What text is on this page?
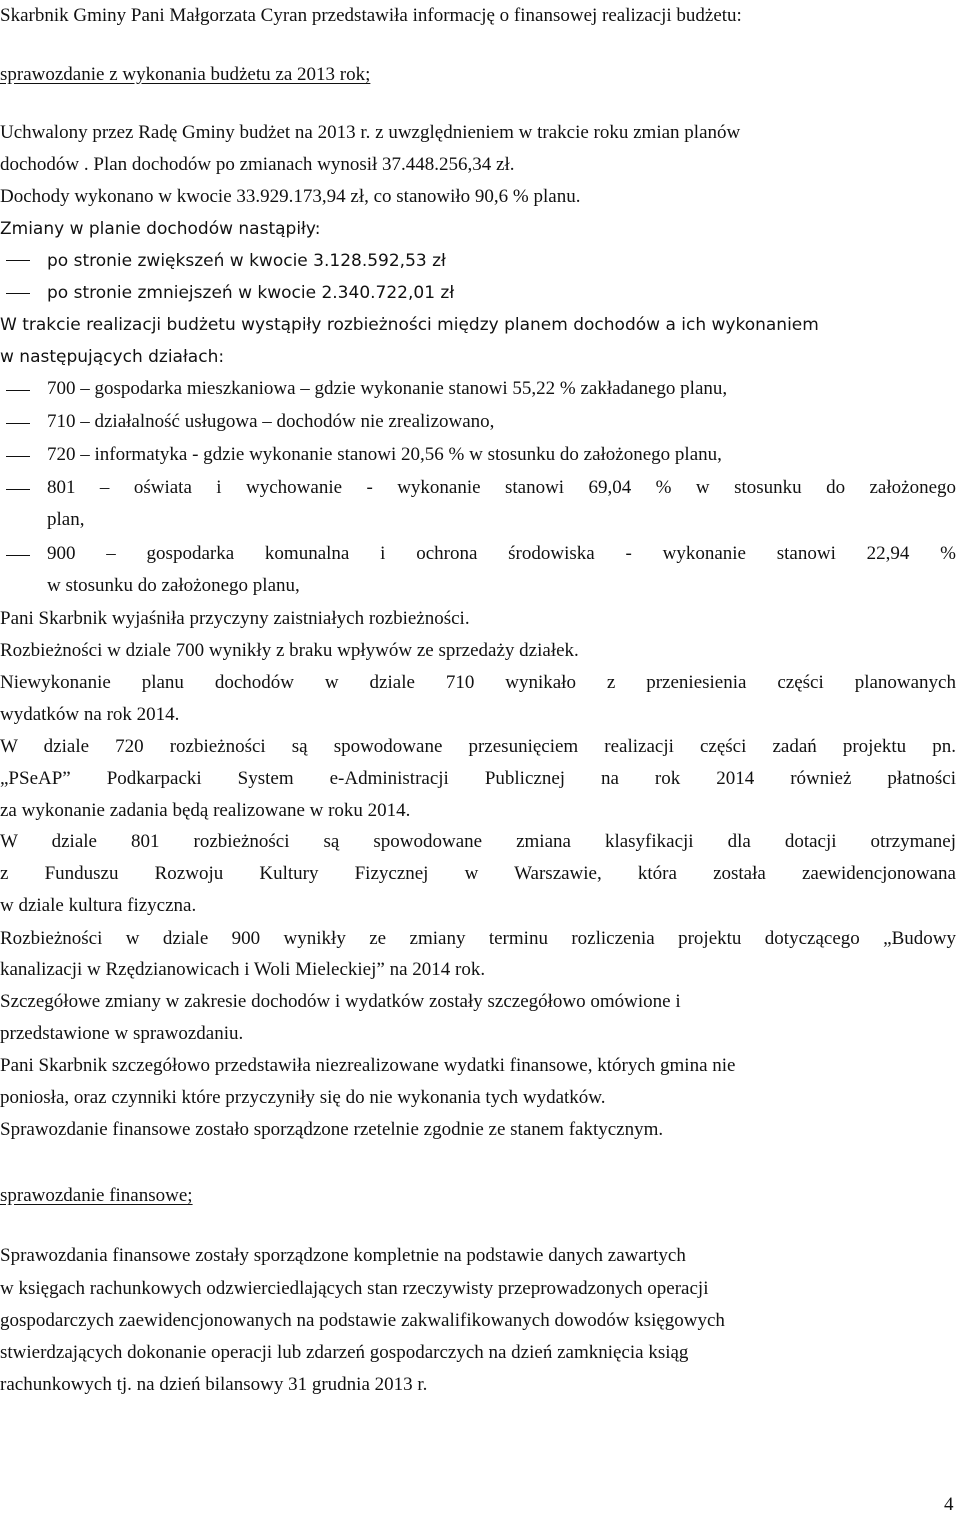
Skarbnik Gminy Pani Małgorzata Cyran przedstawiła informację o finansowej realizacji budżetu:
sprawozdanie z wykonania budżetu za 2013 rok;
Uchwalony przez Radę Gminy budżet na 2013 r. z uwzględnieniem w trakcie roku zmian planów
dochodów . Plan dochodów po zmianach wynosił 37.448.256,34 zł.
Dochody wykonano w kwocie 33.929.173,94 zł, co stanowiło 90,6 % planu.
Zmiany w planie dochodów nastąpiły:
po stronie zwiększeń w kwocie 3.128.592,53 zł
po stronie zmniejszeń w kwocie 2.340.722,01 zł
W trakcie realizacji budżetu wystąpiły rozbieżności między planem dochodów a ich wykonaniem
w następujących działach:
700 – gospodarka mieszkaniowa – gdzie wykonanie stanowi 55,22 % zakładanego planu,
710 – działalność usługowa – dochodów nie zrealizowano,
720 – informatyka - gdzie wykonanie stanowi 20,56 % w stosunku do założonego planu,
801 – oświata i wychowanie - wykonanie stanowi 69,04 % w stosunku do założonego
plan,
900 – gospodarka komunalna i ochrona środowiska - wykonanie stanowi 22,94 %
w stosunku do założonego planu,
Pani Skarbnik wyjaśniła przyczyny zaistniałych rozbieżności.
Rozbieżności w dziale 700 wynikły z braku wpływów ze sprzedaży działek.
Niewykonanie planu dochodów w dziale 710 wynikało z przeniesienia części planowanych
wydatków na rok 2014.
W dziale 720 rozbieżności są spowodowane przesunięciem realizacji części zadań projektu pn.
„PSeAP” Podkarpacki System e-Administracji Publicznej na rok 2014 również płatności
za wykonanie zadania będą realizowane w roku 2014.
W dziale 801 rozbieżności są spowodowane zmiana klasyfikacji dla dotacji otrzymanej
z Funduszu Rozwoju Kultury Fizycznej w Warszawie, która została zaewidencjonowana
w dziale kultura fizyczna.
Rozbieżności w dziale 900 wynikły ze zmiany terminu rozliczenia projektu dotyczącego „Budowy
kanalizacji w Rzędzianowicach i Woli Mieleckiej” na 2014 rok.
Szczegółowe zmiany w zakresie dochodów i wydatków zostały szczegółowo omówione i
przedstawione w sprawozdaniu.
Pani Skarbnik szczegółowo przedstawiła niezrealizowane wydatki finansowe, których gmina nie
poniosła, oraz czynniki które przyczyniły się do nie wykonania tych wydatków.
Sprawozdanie finansowe zostało sporządzone rzetelnie zgodnie ze stanem faktycznym.
sprawozdanie finansowe;
Sprawozdania finansowe zostały sporządzone kompletnie na podstawie danych zawartych
w księgach rachunkowych odzwierciedlających stan rzeczywisty przeprowadzonych operacji
gospodarczych zaewidencjonowanych na podstawie zakwalifikowanych dowodów księgowych
stwierdzających dokonanie operacji lub zdarzeń gospodarczych na dzień zamknięcia ksiąg
rachunkowych tj. na dzień bilansowy 31 grudnia 2013 r.
4
